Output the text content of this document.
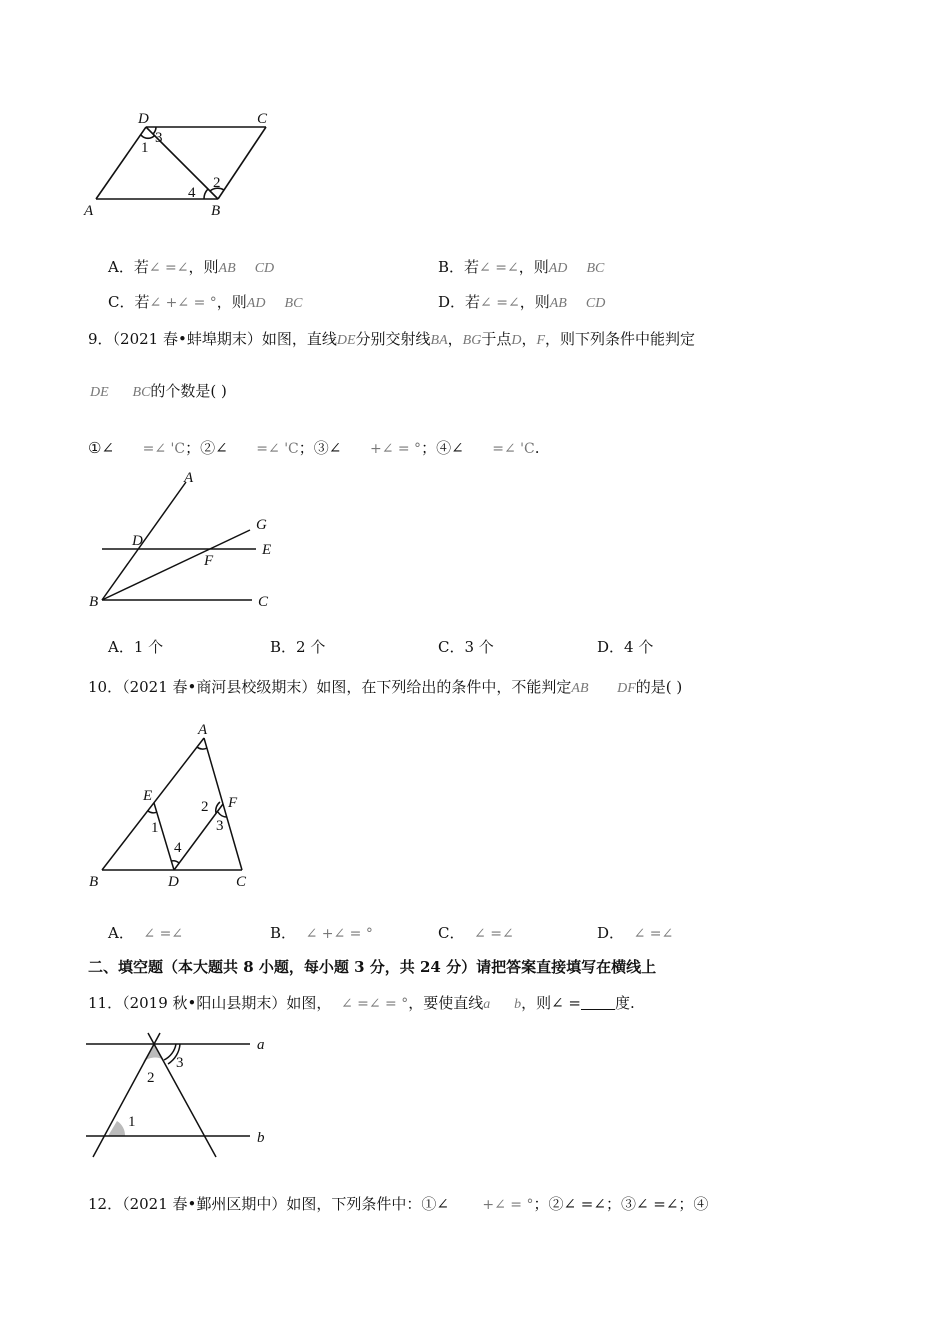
D	C
A	B
1
2
3
4
A．若∠ =∠，则AB CD	B．若∠ =∠，则AD BC
C．若∠ +∠ = °，则AD BC	D．若∠ =∠，则AB CD
9．（2021 春•蚌埠期末）如图，直线DE分别交射线BA，BG于点D，F，则下列条件中能判定
DE BC的个数是( )
①∠ =∠ 'C；②∠ =∠ 'C；③∠ +∠ = °；④∠ =∠ 'C.
A
D
G
E
F
B	C
A．1 个	B．2 个	C．3 个	D．4 个
10．（2021 春•商河县校级期末）如图，在下列给出的条件中，不能判定AB DF的是( )
A
E	F
B	D	C
1
2
3
4
A． ∠ =∠	B． ∠ +∠ = °	C． ∠ =∠	D． ∠ =∠
二、填空题（本大题共 8 小题，每小题 3 分，共 24 分）请把答案直接填写在横线上
11．（2019 秋•阳山县期末）如图， ∠ =∠ = °，要使直线a b，则∠ = 度.
a
b
1
2
3
12．（2021 春•鄞州区期中）如图，下列条件中：①∠ +∠ = °；②∠ =∠；③∠ =∠；④
